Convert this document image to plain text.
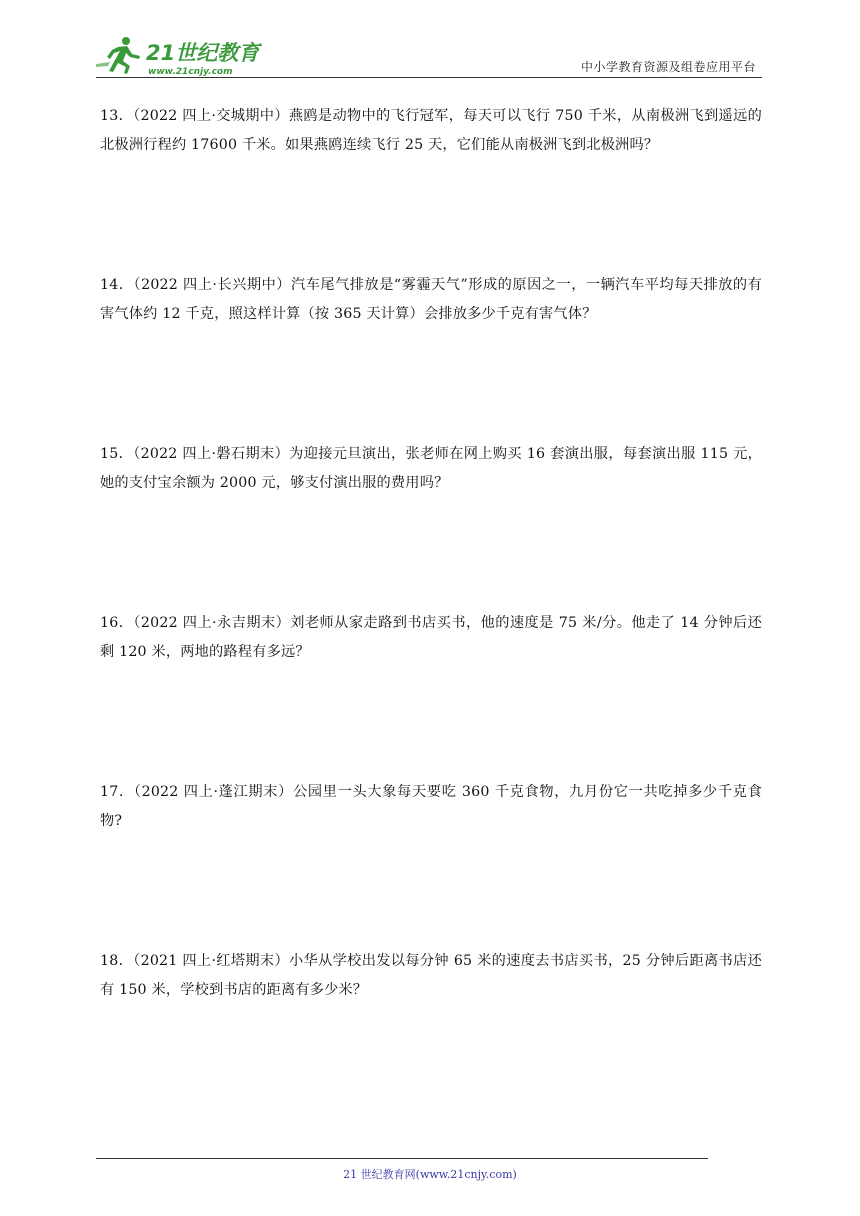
21世纪教育
www.21cnjy.com	中小学教育资源及组卷应用平台

13．（2022 四上·交城期中）燕鸥是动物中的飞行冠军，每天可以飞行 750 千米，从南极洲飞到遥远的北极洲行程约 17600 千米。如果燕鸥连续飞行 25 天，它们能从南极洲飞到北极洲吗？

14．（2022 四上·长兴期中）汽车尾气排放是“雾霾天气”形成的原因之一，一辆汽车平均每天排放的有害气体约 12 千克，照这样计算（按 365 天计算）会排放多少千克有害气体？

15．（2022 四上·磐石期末）为迎接元旦演出，张老师在网上购买 16 套演出服，每套演出服 115 元，她的支付宝余额为 2000 元，够支付演出服的费用吗？

16．（2022 四上·永吉期末）刘老师从家走路到书店买书，他的速度是 75 米/分。他走了 14 分钟后还剩 120 米，两地的路程有多远？

17．（2022 四上·蓬江期末）公园里一头大象每天要吃 360 千克食物，九月份它一共吃掉多少千克食物?

18．（2021 四上·红塔期末）小华从学校出发以每分钟 65 米的速度去书店买书，25 分钟后距离书店还有 150 米，学校到书店的距离有多少米？

21 世纪教育网(www.21cnjy.com)
